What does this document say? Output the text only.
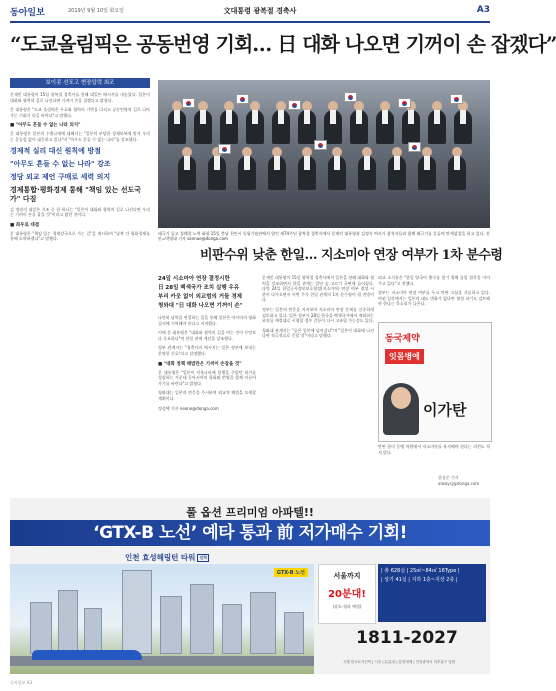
동아일보	2019년 9월 10일 화요일	文대통령 광복절 경축사	A3
“도쿄올림픽은 공동번영 기회… 日 대화 나오면 기꺼이 손 잡겠다”
보이콧 선포고 현장압력 최조

문재인 대통령이 15일 광복절 경축사를 통해 대일본 메시지를 내놓았다. 일본이 대화와 협력의 길로 나선다면 기꺼이 손을 잡겠다고 밝혔다.

문 대통령은 "도쿄 올림픽은 우호와 협력의 기반을 다지고 공동번영의 길로 나아가는 기회가 되길 바란다"고 말했다.

■ "아무도 흔들 수 없는 나라 의지"

문 대통령은 일본의 수출규제에 대해서는 "일본의 부당한 경제보복에 맞서 우리는 흔들림 없이 대응하고 있다"며 "아무도 흔들 수 없는 나라"를 강조했다.

경제적 실리 대신 원칙에 방점
"아무도 흔들 수 없는 나라" 강조
정당 외교 제언 구매로 세력 의지
경제통합·평화경제 통해 "책임 있는 선도국가" 다짐

김 정권의 대일본 기조 중 한 하나는 "일본이 대화와 협력의 길로 나선다면 우리는 기꺼이 손을 잡을 것"이라고 밝힌 것이다.

■ 좌우로 대결

문 대통령은 "책임 있는 경제강국으로 가는 길"을 제시하며 "남북 간 평화경제를 통해 도약하겠다"고 말했다.

태극기 들고 경례할 노력 화합 15일 충남 천안시 독립기념관에서 열린 제74주년 광복절 경축식에서 문재인 대통령과 김정숙 여사가 참석자들과 함께 태극기를 흔들며 만세삼창을 하고 있다. 천안=박영대 기자 sannae@donga.com
비판수위 낮춘 한일… 지소미아 연장 여부가 1차 분수령
24일 시소마아 연장 결정시한
日 28일 백색국가 조치 실행 우유
부리 카웃 없이 외교범의 거둘 경제
청와대 "日 대화 나오면 기꺼이 손"

나란히 남북을 연결하는 일을 통해 일본은 아시아의 평화질서에 기여해야 한다고 지적했다.

이에 문 대통령은 "대화와 협력의 길을 여는 것이 무엇보다 중요하다"며 한일 관계 개선을 강조했다.

정부 관계자는 "경축사의 메시지는 일본 정부에 보내는 분명한 신호"라고 설명했다.

■ "대화 정책 해법만은 기꺼이 손잡을 것"

문 대통령은 "일본이 이웃나라에 불행을 주었던 과거를 성찰하는 가운데 동아시아의 평화와 번영을 함께 이끌어가기를 바란다"고 밝혔다.

청와대는 일본의 반응을 주시하며 외교적 해법을 모색할 계획이다.

정성택 기자 neone@donga.com

문재인 대통령이 15일 광복절 경축사에서 일본을 향해 대화와 협력을 강조하면서 한일 관계는 일단 숨 고르기 국면에 들어섰다. 다만 24일 한일군사정보보호협정(지소미아) 연장 여부 결정 시한이 다가오면서 이번 주가 한일 관계의 1차 분수령이 될 전망이다.

정부는 일본의 반응을 지켜보며 지소미아 연장 문제를 신중하게 검토하고 있다. 일본 정부가 28일 한국을 백색국가에서 제외하는 조치를 예정대로 시행할 경우 갈등이 다시 고조될 가능성도 있다.

청와대 관계자는 "공은 일본에 넘어갔다"며 "일본이 대화에 나선다면 적극적으로 응할 것"이라고 말했다.

외교 소식통은 "한일 양국이 출구를 찾기 위해 물밑 접촉을 이어가고 있다"고 전했다.

정부는 지소미아 연장 여부를 두고 막판 고심을 거듭하고 있다. 여권 일각에서는 일본의 태도 변화가 없다면 협정 파기도 검토해야 한다는 목소리가 나온다.

반면 한미 동맹 차원에서 지소미아를 유지해야 한다는 의견도 적지 않다.

한상준 기자 alwaysj@donga.com
동국제약
잇몸병에
이가탄
풀 옵션 프리미엄 아파텔!!
‘GTX-B 노선’ 예타 통과 前 저가매수 기회!
인천 효성해링턴 타워 인하
GTX-B 노선	서울까지
20분대!
(송도·청라 예정)
| 총 628실 | 25㎡~84㎡ 16Type |
| 상가 41실 | 지하 1층~지상 2층 |
1811-2027
시행 한국토지신탁 | 시공 (주)효성 | 분양대행 | 인천광역시 미추홀구 일원
동아일보 A3
